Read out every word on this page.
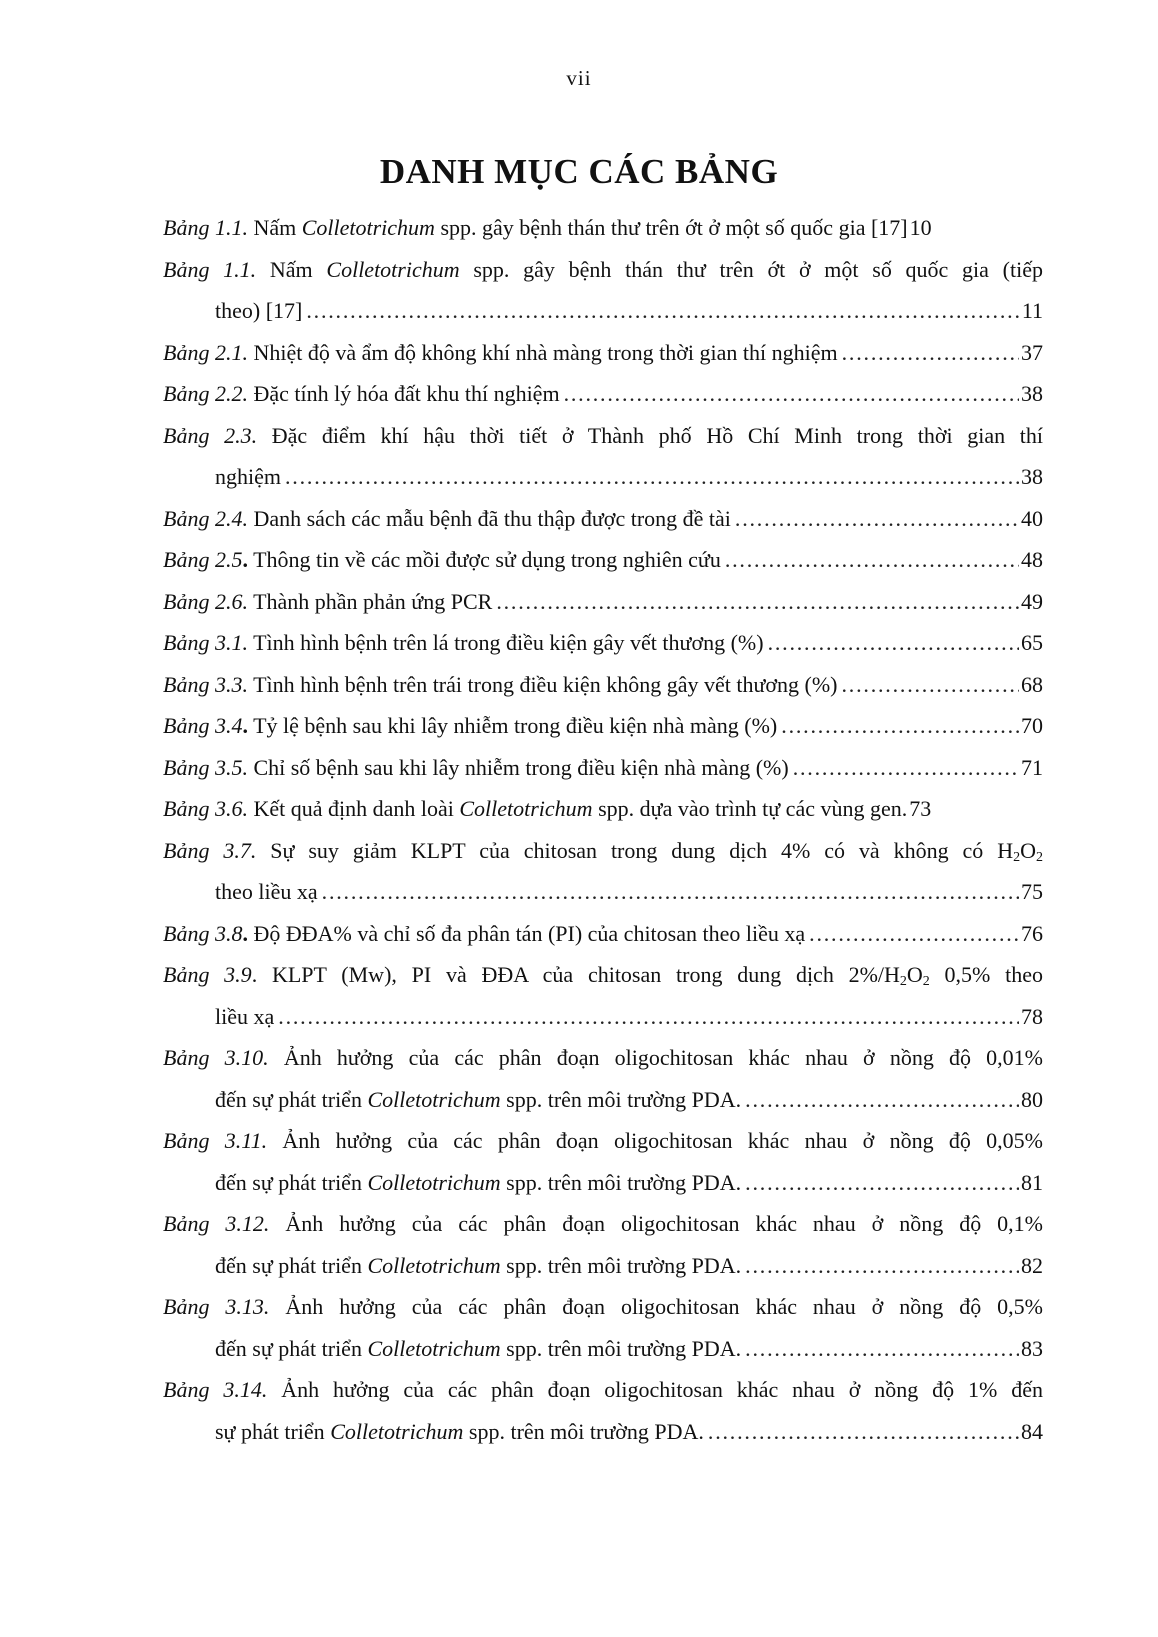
vii
DANH MỤC CÁC BẢNG
Bảng 1.1. Nấm Colletotrichum spp. gây bệnh thán thư trên ớt ở một số quốc gia [17] 10
Bảng 1.1. Nấm Colletotrichum spp. gây bệnh thán thư trên ớt ở một số quốc gia (tiếp
theo) [17] .....	11
Bảng 2.1. Nhiệt độ và ẩm độ không khí nhà màng trong thời gian thí nghiệm .....	37
Bảng 2.2. Đặc tính lý hóa đất khu thí nghiệm .....	38
Bảng 2.3. Đặc điểm khí hậu thời tiết ở Thành phố Hồ Chí Minh trong thời gian thí
nghiệm .....	38
Bảng 2.4. Danh sách các mẫu bệnh đã thu thập được trong đề tài .....	40
Bảng 2.5. Thông tin về các mồi được sử dụng trong nghiên cứu .....	48
Bảng 2.6. Thành phần phản ứng PCR .....	49
Bảng 3.1. Tình hình bệnh trên lá trong điều kiện gây vết thương (%) .....	65
Bảng 3.3. Tình hình bệnh trên trái trong điều kiện không gây vết thương (%) .....	68
Bảng 3.4. Tỷ lệ bệnh sau khi lây nhiễm trong điều kiện nhà màng (%) .....	70
Bảng 3.5. Chỉ số bệnh sau khi lây nhiễm trong điều kiện nhà màng (%) .....	71
Bảng 3.6. Kết quả định danh loài Colletotrichum spp. dựa vào trình tự các vùng gen. 73
Bảng 3.7. Sự suy giảm KLPT của chitosan trong dung dịch 4% có và không có $H_2O_2$
theo liều xạ .....	75
Bảng 3.8. Độ ĐĐA% và chỉ số đa phân tán (PI) của chitosan theo liều xạ .....	76
Bảng 3.9. KLPT (Mw), PI và ĐĐA của chitosan trong dung dịch $2\%/H_2O_2$ 0,5% theo
liều xạ .....	78
Bảng 3.10. Ảnh hưởng của các phân đoạn oligochitosan khác nhau ở nồng độ 0,01%
đến sự phát triển Colletotrichum spp. trên môi trường PDA. .....	80
Bảng 3.11. Ảnh hưởng của các phân đoạn oligochitosan khác nhau ở nồng độ 0,05%
đến sự phát triển Colletotrichum spp. trên môi trường PDA. .....	81
Bảng 3.12. Ảnh hưởng của các phân đoạn oligochitosan khác nhau ở nồng độ 0,1%
đến sự phát triển Colletotrichum spp. trên môi trường PDA. .....	82
Bảng 3.13. Ảnh hưởng của các phân đoạn oligochitosan khác nhau ở nồng độ 0,5%
đến sự phát triển Colletotrichum spp. trên môi trường PDA. .....	83
Bảng 3.14. Ảnh hưởng của các phân đoạn oligochitosan khác nhau ở nồng độ 1% đến
sự phát triển Colletotrichum spp. trên môi trường PDA. .....	84
